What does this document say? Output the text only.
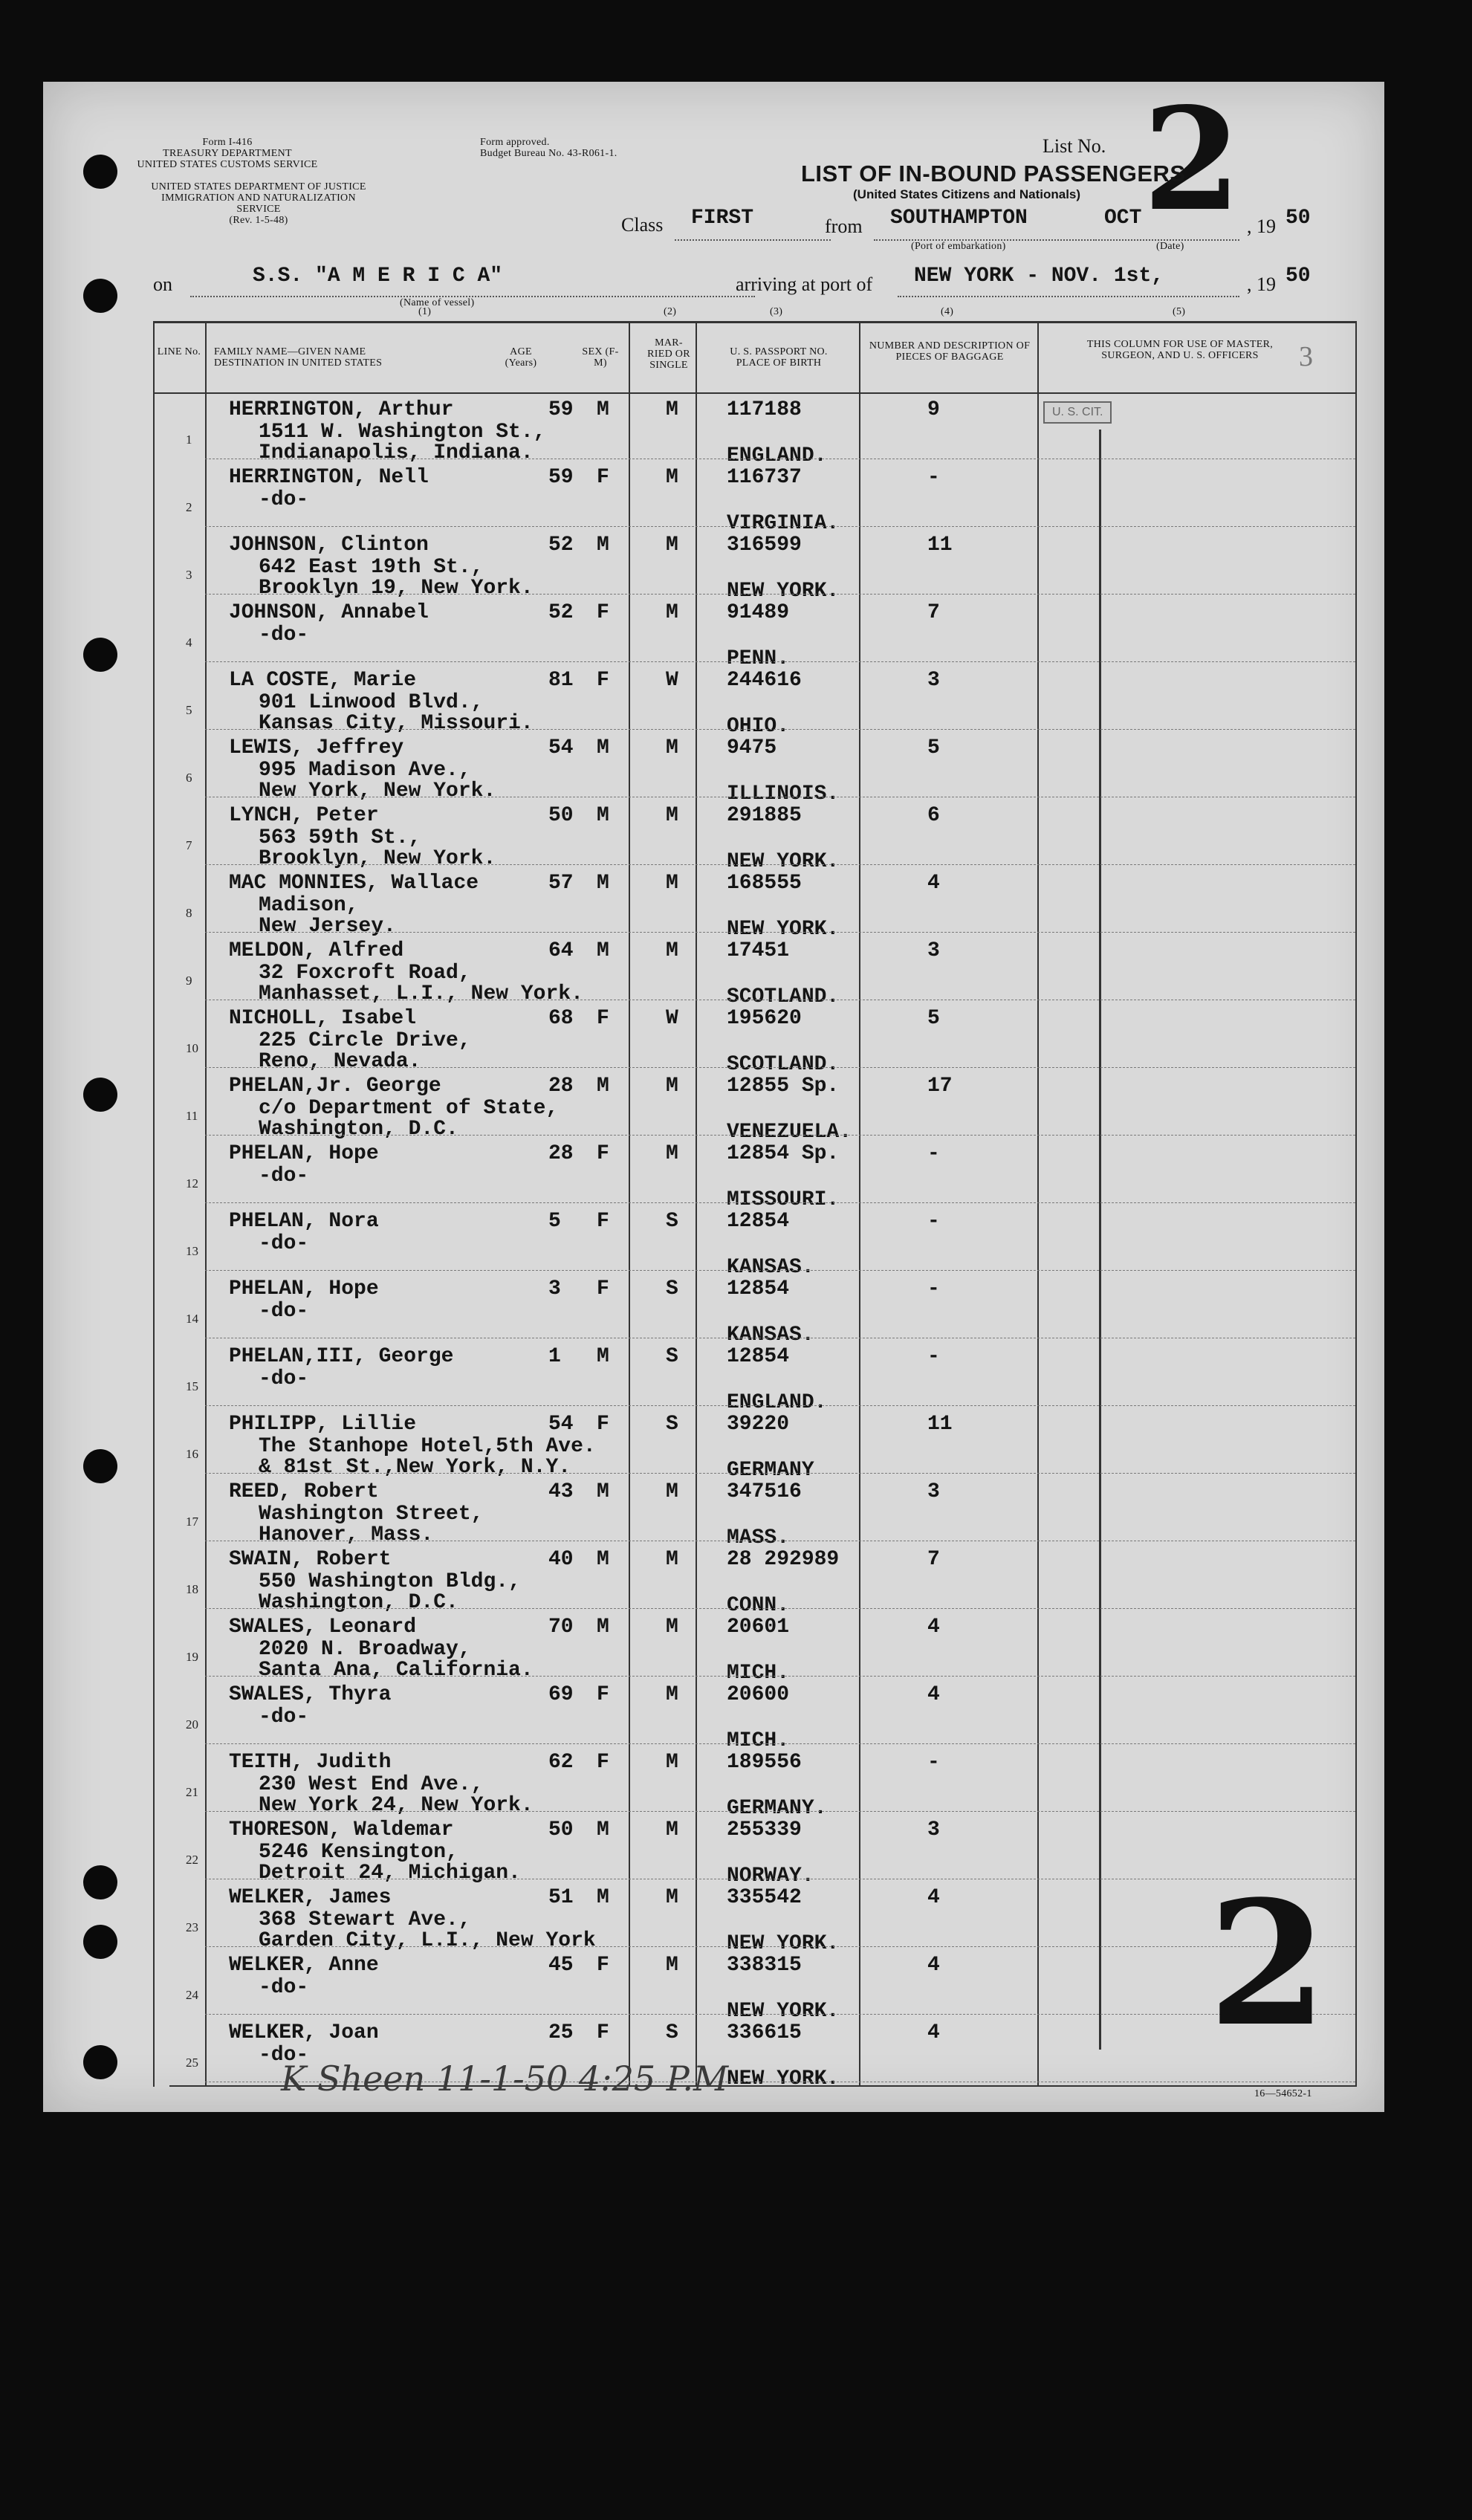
Form I-416
TREASURY DEPARTMENT
UNITED STATES CUSTOMS SERVICE
UNITED STATES DEPARTMENT OF JUSTICE
IMMIGRATION AND NATURALIZATION SERVICE
(Rev. 1-5-48)
Form approved.
Budget Bureau No. 43-R061-1.	List No. 2
LIST OF IN-BOUND PASSENGERS
(United States Citizens and Nationals)
Class FIRST	from SOUTHAMPTON
(Port of embarkation)
OCT
(Date)
, 19 50
on	S.S. "A M E R I C A"
(Name of vessel)
arriving at port of NEW YORK - NOV. 1st,	, 19 50
(1)	(2)	(3)	(4)	(5)
LINE No. FAMILY NAME—GIVEN NAME DESTINATION IN UNITED STATES
AGE (Years)
SEX (F-M)
MAR- RIED OR SINGLE
U. S. PASSPORT NO. PLACE OF BIRTH
NUMBER AND DESCRIPTION OF PIECES OF BAGGAGE
THIS COLUMN FOR USE OF MASTER, SURGEON, AND U. S. OFFICERS	3
U. S. CIT.
HERRINGTON, Arthur	59 M	M 117188	9
1511 W. Washington St.,
Indianapolis, Indiana.	ENGLAND.
1
HERRINGTON, Nell	59 F	M 116737	-
-do-
VIRGINIA.
2
JOHNSON, Clinton	52 M	M 316599	11
642 East 19th St.,
Brooklyn 19, New York.	NEW YORK.
3
JOHNSON, Annabel	52 F	M 91489	7
-do-
PENN.
4
LA COSTE, Marie	81 F	W 244616	3
901 Linwood Blvd.,
Kansas City, Missouri.	OHIO.
5
LEWIS, Jeffrey	54 M	M 9475	5
995 Madison Ave.,
New York, New York.	ILLINOIS.
6
LYNCH, Peter	50 M	M 291885	6
563 59th St.,
Brooklyn, New York.	NEW YORK.
7
MAC MONNIES, Wallace	57 M	M 168555	4
Madison,
New Jersey.	NEW YORK.
8
MELDON, Alfred	64 M	M 17451	3
32 Foxcroft Road,
Manhasset, L.I., New York.	SCOTLAND.
9
NICHOLL, Isabel	68 F	W 195620	5
225 Circle Drive,
Reno, Nevada.	SCOTLAND.
10
PHELAN,Jr. George	28 M	M 12855 Sp.	17
c/o Department of State,
Washington, D.C.	VENEZUELA.
11
PHELAN, Hope	28 F	M 12854 Sp.	-
-do-
MISSOURI.
12
PHELAN, Nora	5 F	S 12854	-
-do-
KANSAS.
13
PHELAN, Hope	3 F	S 12854	-
-do-
KANSAS.
14
PHELAN,III, George	1 M	S 12854	-
-do-
ENGLAND.
15
PHILIPP, Lillie	54 F	S 39220	11
The Stanhope Hotel,5th Ave.
& 81st St.,New York, N.Y.	GERMANY
16
REED, Robert	43 M	M 347516	3
Washington Street,
Hanover, Mass.	MASS.
17
SWAIN, Robert	40 M	M 28 292989	7
550 Washington Bldg.,
Washington, D.C.	CONN.
18
SWALES, Leonard	70 M	M 20601	4
2020 N. Broadway,
Santa Ana, California.	MICH.
19
SWALES, Thyra	69 F	M 20600	4
-do-
MICH.
20
TEITH, Judith	62 F	M 189556	-
230 West End Ave.,
New York 24, New York.	GERMANY.
21
THORESON, Waldemar	50 M	M 255339	3
5246 Kensington,
Detroit 24, Michigan.	NORWAY.
22
WELKER, James	51 M	M 335542	4
368 Stewart Ave.,
Garden City, L.I., New York	NEW YORK.
23
WELKER, Anne	45 F	M 338315	4
-do-
NEW YORK.
24
WELKER, Joan	25 F	S 336615	4
-do-
NEW YORK.
25	2
K Sheen 11-1-50 4:25 P.M	16—54652-1
